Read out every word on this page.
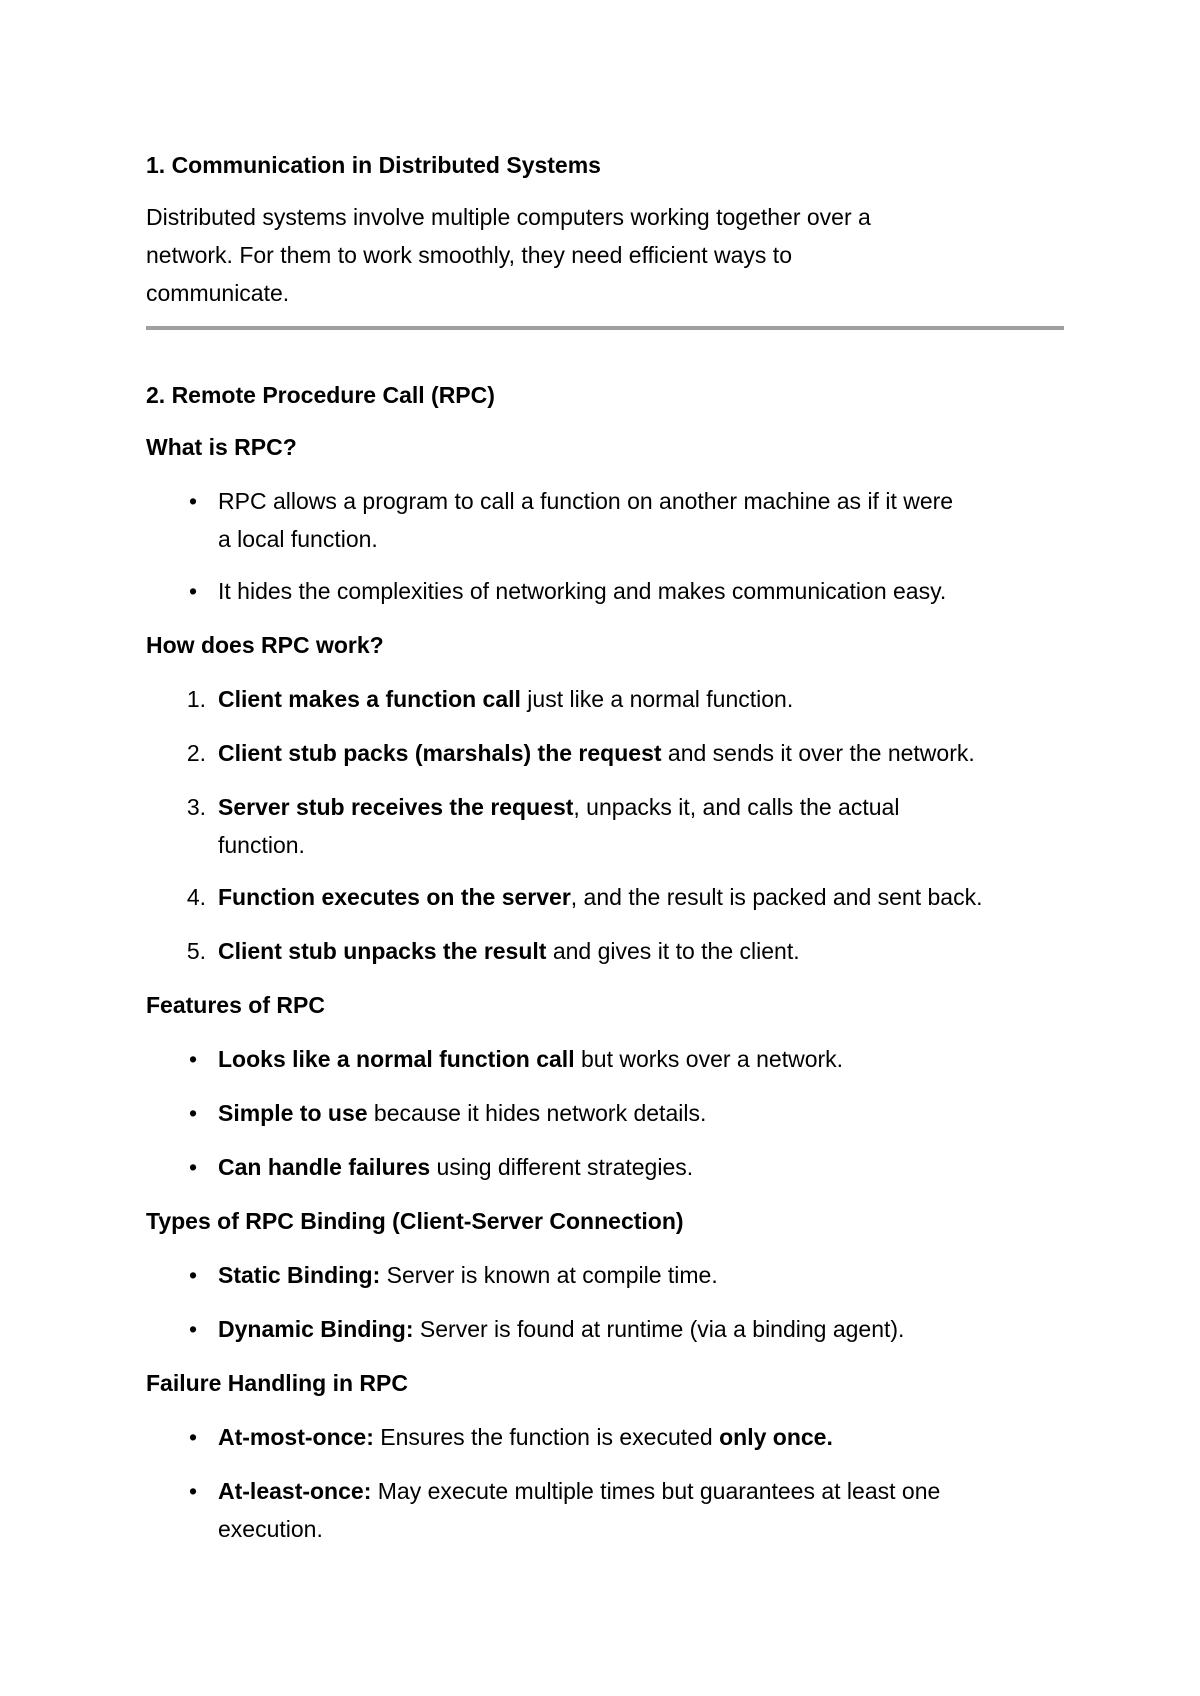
1. Communication in Distributed Systems
Distributed systems involve multiple computers working together over a
network. For them to work smoothly, they need efficient ways to
communicate.
2. Remote Procedure Call (RPC)
What is RPC?
• RPC allows a program to call a function on another machine as if it were
a local function.
• It hides the complexities of networking and makes communication easy.
How does RPC work?
1. Client makes a function call just like a normal function.
2. Client stub packs (marshals) the request and sends it over the network.
3. Server stub receives the request, unpacks it, and calls the actual
function.
4. Function executes on the server, and the result is packed and sent back.
5. Client stub unpacks the result and gives it to the client.
Features of RPC
• Looks like a normal function call but works over a network.
• Simple to use because it hides network details.
• Can handle failures using different strategies.
Types of RPC Binding (Client-Server Connection)
• Static Binding: Server is known at compile time.
• Dynamic Binding: Server is found at runtime (via a binding agent).
Failure Handling in RPC
• At-most-once: Ensures the function is executed only once.
• At-least-once: May execute multiple times but guarantees at least one
execution.
